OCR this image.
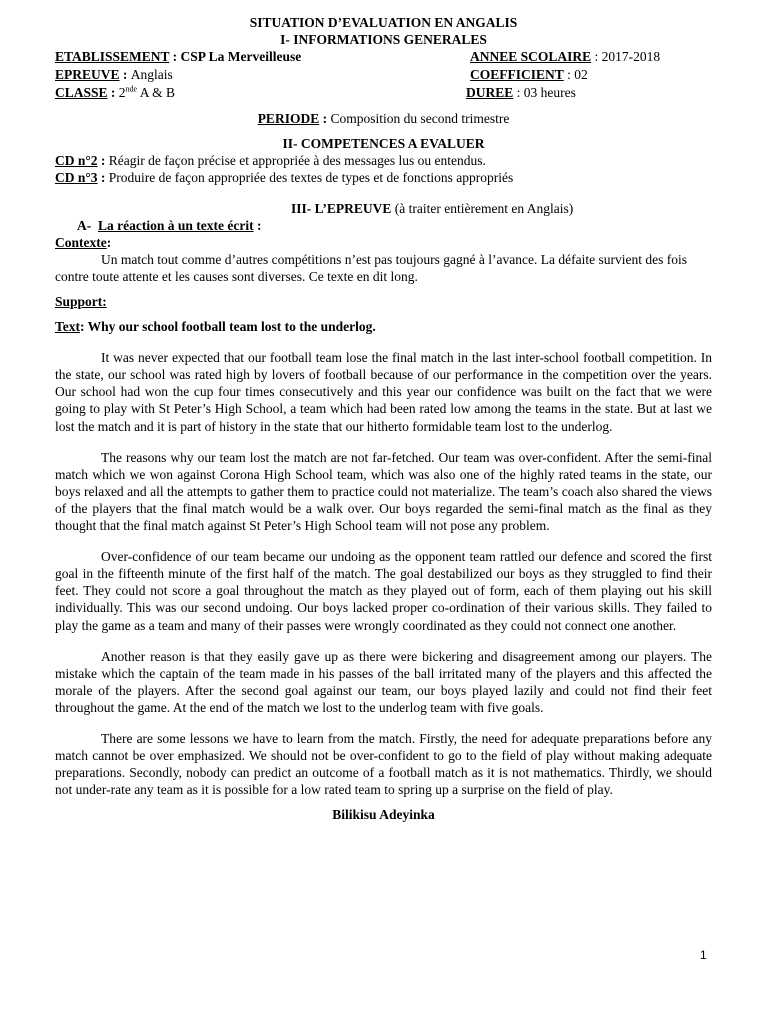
SITUATION D’EVALUATION EN ANGALIS
I- INFORMATIONS GENERALES
ETABLISSEMENT : CSP La Merveilleuse	ANNEE SCOLAIRE : 2017-2018
EPREUVE : Anglais	COEFFICIENT : 02
CLASSE : 2nde A & B	DUREE : 03 heures
PERIODE : Composition du second trimestre
II- COMPETENCES A EVALUER
CD n°2 : Réagir de façon précise et appropriée à des messages lus ou entendus.
CD n°3 : Produire de façon appropriée des textes de types et de fonctions appropriés
III- L’EPREUVE (à traiter entièrement en Anglais)
A- La réaction à un texte écrit :
Contexte:

Un match tout comme d’autres compétitions n’est pas toujours gagné à l’avance. La défaite survient des fois contre toute attente et les causes sont diverses. Ce texte en dit long.

Support:
Text: Why our school football team lost to the underlog.

It was never expected that our football team lose the final match in the last inter-school football competition. In the state, our school was rated high by lovers of football because of our performance in the competition over the years. Our school had won the cup four times consecutively and this year our confidence was built on the fact that we were going to play with St Peter’s High School, a team which had been rated low among the teams in the state. But at last we lost the match and it is part of history in the state that our hitherto formidable team lost to the underlog.

The reasons why our team lost the match are not far-fetched. Our team was over-confident. After the semi-final match which we won against Corona High School team, which was also one of the highly rated teams in the state, our boys relaxed and all the attempts to gather them to practice could not materialize. The team’s coach also shared the views of the players that the final match would be a walk over. Our boys regarded the semi-final match as the final as they thought that the final match against St Peter’s High School team will not pose any problem.

Over-confidence of our team became our undoing as the opponent team rattled our defence and scored the first goal in the fifteenth minute of the first half of the match. The goal destabilized our boys as they struggled to find their feet. They could not score a goal throughout the match as they played out of form, each of them playing out his skill individually. This was our second undoing. Our boys lacked proper co-ordination of their various skills. They failed to play the game as a team and many of their passes were wrongly coordinated as they could not connect one another.

Another reason is that they easily gave up as there were bickering and disagreement among our players. The mistake which the captain of the team made in his passes of the ball irritated many of the players and this affected the morale of the players. After the second goal against our team, our boys played lazily and could not find their feet throughout the game. At the end of the match we lost to the underlog team with five goals.

There are some lessons we have to learn from the match. Firstly, the need for adequate preparations before any match cannot be over emphasized. We should not be over-confident to go to the field of play without making adequate preparations. Secondly, nobody can predict an outcome of a football match as it is not mathematics. Thirdly, we should not under-rate any team as it is possible for a low rated team to spring up a surprise on the field of play.

Bilikisu Adeyinka
1
